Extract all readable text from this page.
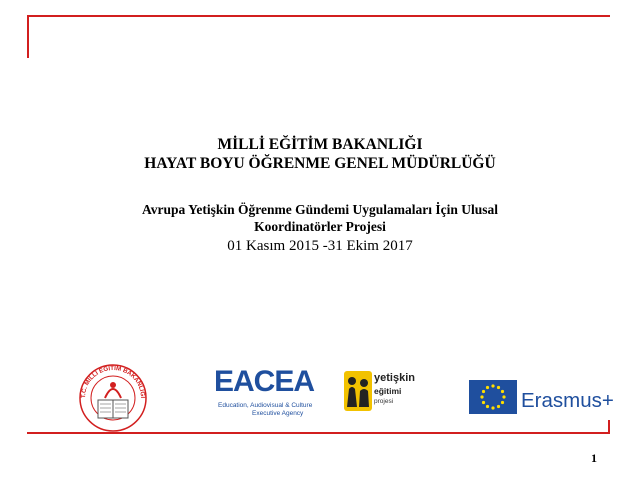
MİLLİ EĞİTİM BAKANLIĞI
HAYAT BOYU ÖĞRENME GENEL MÜDÜRLÜĞÜ
Avrupa Yetişkin Öğrenme Gündemi Uygulamaları İçin Ulusal
Koordinatörler Projesi
01 Kasım 2015 -31 Ekim 2017
T.C. MİLLİ EĞİTİM BAKANLIĞI EACEA
Education, Audiovisual & Culture
Executive Agency
yetişkin
eğitimi
projesi	Erasmus+
1
